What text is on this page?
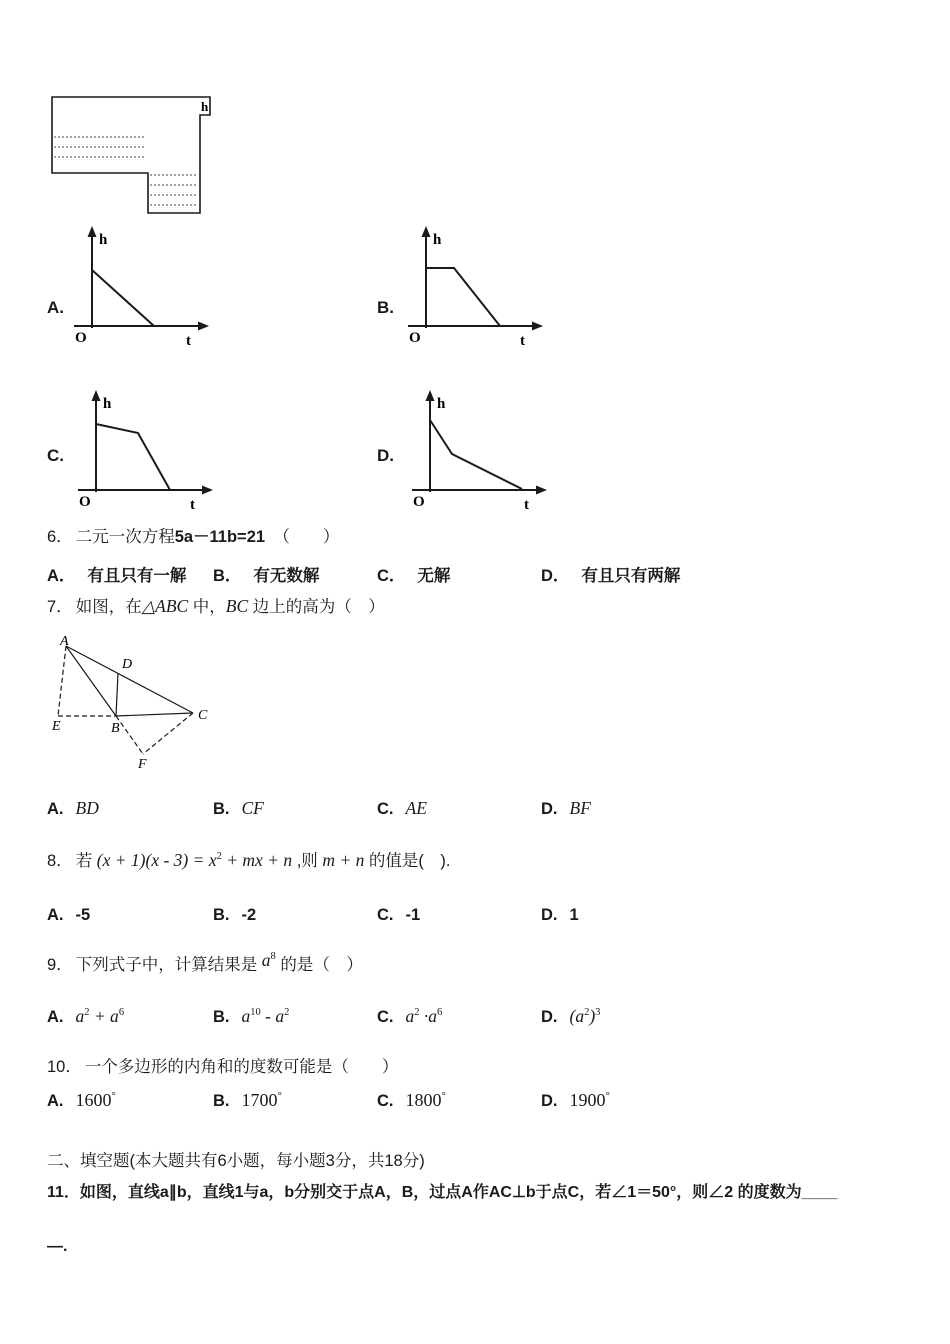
h
A.
h
O	t
B.
h
O	t
C.
h
O	t
D.
h
O	t
6． 二元一次方程5a－11b=21　（　　）
A． 有且只有一解	B． 有无数解	C． 无解	D． 有且只有两解
7． 如图，在△ABC 中，BC 边上的高为（　）
A
D
E	B
C
F
A. BD	B. CF	C. AE	D. BF
8． 若 $(x + 1)(x - 3) = x^2$ + mx + n ,则 m + n 的值是(　).
A. -5	B. -2	C. -1	D. 1
9． 下列式子中，计算结果是 $a^8$ 的是（　）
A. $a^2 + a^6$	B. $a^{10} - a^2$	C. $a^2 \cdot a^6$	D. $(a^2)^3$
10． 一个多边形的内角和的度数可能是（　　）
A. 1600°	B. 1700°	C. 1800°	D. 1900°
二、填空题(本大题共有6小题，每小题3分，共18分)
11．如图，直线a∥b，直线1与a，b分别交于点A，B，过点A作AC⊥b于点C，若∠1＝50°，则∠2 的度数为____
—.
